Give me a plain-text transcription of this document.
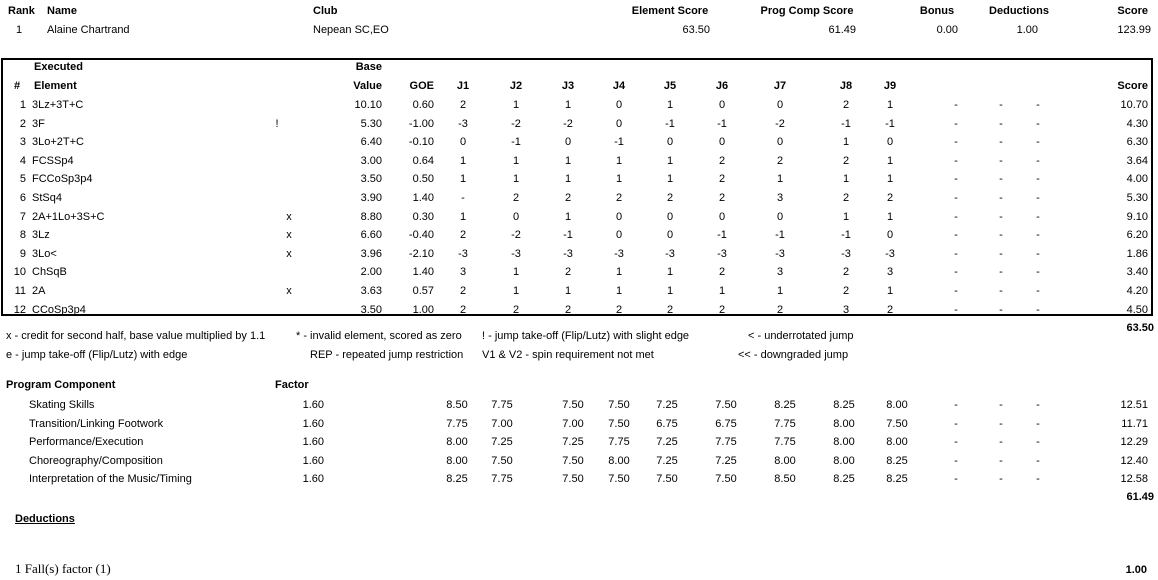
Rank Name	Club	Element Score	Prog Comp Score	Bonus	Deductions	Score
1 Alaine Chartrand	Nepean SC,EO	63.50	61.49	0.00	1.00	123.99
Executed
Element
#
Base
Value	GOE	J1	J2	J3	J4	J5	J6	J7	J8	J9	Score
1 3Lz+3T+C	10.10	0.60	2	1	1	0	1	0	0	2	1	-	-	-	10.70
2 3F	!	5.30	-1.00	-3	-2	-2	0	-1	-1	-2	-1	-1	-	-	-	4.30
3 3Lo+2T+C	6.40	-0.10	0	-1	0	-1	0	0	0	1	0	-	-	-	6.30
4 FCSSp4	3.00	0.64	1	1	1	1	1	2	2	2	1	-	-	-	3.64
5 FCCoSp3p4	3.50	0.50	1	1	1	1	1	2	1	1	1	-	-	-	4.00
6 StSq4	3.90	1.40	-	2	2	2	2	2	3	2	2	-	-	-	5.30
7 2A+1Lo+3S+C	x	8.80	0.30	1	0	1	0	0	0	0	1	1	-	-	-	9.10
8 3Lz	x	6.60	-0.40	2	-2	-1	0	0	-1	-1	-1	0	-	-	-	6.20
9 3Lo<	x	3.96	-2.10	-3	-3	-3	-3	-3	-3	-3	-3	-3	-	-	-	1.86
10 ChSqB	2.00	1.40	3	1	2	1	1	2	3	2	3	-	-	-	3.40
11 2A	x	3.63	0.57	2	1	1	1	1	1	1	2	1	-	-	-	4.20
12 CCoSp3p4	3.50	1.00	2	2	2	2	2	2	2	3	2	-	-	-	4.50
63.50
x - credit for second half, base value multiplied by 1.1	* - invalid element, scored as zero ! - jump take-off (Flip/Lutz) with slight edge	< - underrotated jump
e - jump take-off (Flip/Lutz) with edge	REP - repeated jump restriction V1 & V2 - spin requirement not met	<< - downgraded jump
Program Component	Factor
Skating Skills	1.60	8.50	7.75	7.50	7.50	7.25	7.50	8.25	8.25	8.00	-	-	-	12.51
Transition/Linking Footwork	1.60	7.75	7.00	7.00	7.50	6.75	6.75	7.75	8.00	7.50	-	-	-	11.71
Performance/Execution	1.60	8.00	7.25	7.25	7.75	7.25	7.75	7.75	8.00	8.00	-	-	-	12.29
Choreography/Composition	1.60	8.00	7.50	7.50	8.00	7.25	7.25	8.00	8.00	8.25	-	-	-	12.40
Interpretation of the Music/Timing	1.60	8.25	7.75	7.50	7.50	7.50	7.50	8.50	8.25	8.25	-	-	-	12.58
61.49
Deductions
1 Fall(s) factor (1)	1.00
